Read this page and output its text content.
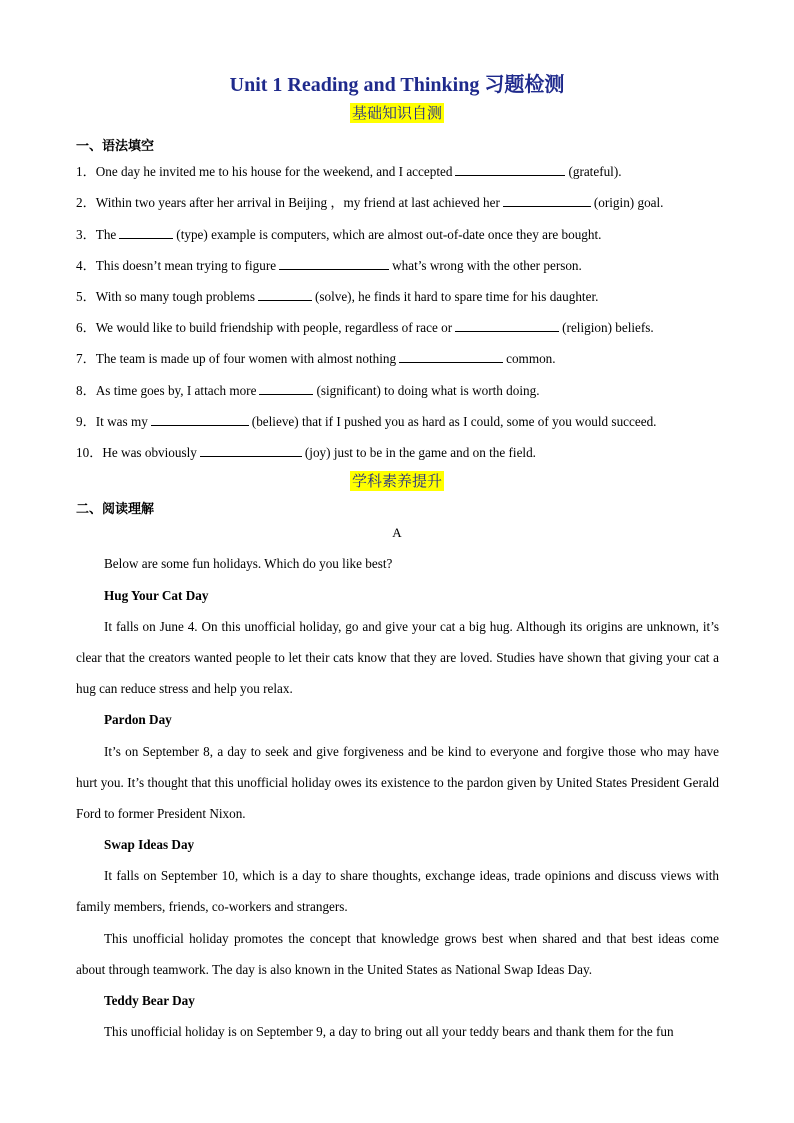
Unit 1 Reading and Thinking 习题检测
基础知识自测
一、语法填空
1．One day he invited me to his house for the weekend, and I accepted	(grateful).
2．Within two years after her arrival in Beijing ，my friend at last achieved her	(origin) goal.
3．The	(type) example is computers, which are almost out-of-date once they are bought.
4．This doesn’t mean trying to figure	what’s wrong with the other person.
5．With so many tough problems	(solve), he finds it hard to spare time for his daughter.
6．We would like to build friendship with people, regardless of race or	(religion) beliefs.
7．The team is made up of four women with almost nothing	common.
8．As time goes by, I attach more	(significant) to doing what is worth doing.
9．It was my	(believe) that if I pushed you as hard as I could, some of you would succeed.
10．He was obviously	(joy) just to be in the game and on the field.
学科素养提升
二、阅读理解
A
Below are some fun holidays. Which do you like best?
Hug Your Cat Day
It falls on June 4. On this unofficial holiday, go and give your cat a big hug. Although its origins are unknown, it’s clear that the creators wanted people to let their cats know that they are loved. Studies have shown that giving your cat a hug can reduce stress and help you relax.
Pardon Day
It’s on September 8, a day to seek and give forgiveness and be kind to everyone and forgive those who may have hurt you. It’s thought that this unofficial holiday owes its existence to the pardon given by United States President Gerald Ford to former President Nixon.
Swap Ideas Day
It falls on September 10, which is a day to share thoughts, exchange ideas, trade opinions and discuss views with family members, friends, co-workers and strangers.
This unofficial holiday promotes the concept that knowledge grows best when shared and that best ideas come about through teamwork. The day is also known in the United States as National Swap Ideas Day.
Teddy Bear Day
This unofficial holiday is on September 9, a day to bring out all your teddy bears and thank them for the fun
